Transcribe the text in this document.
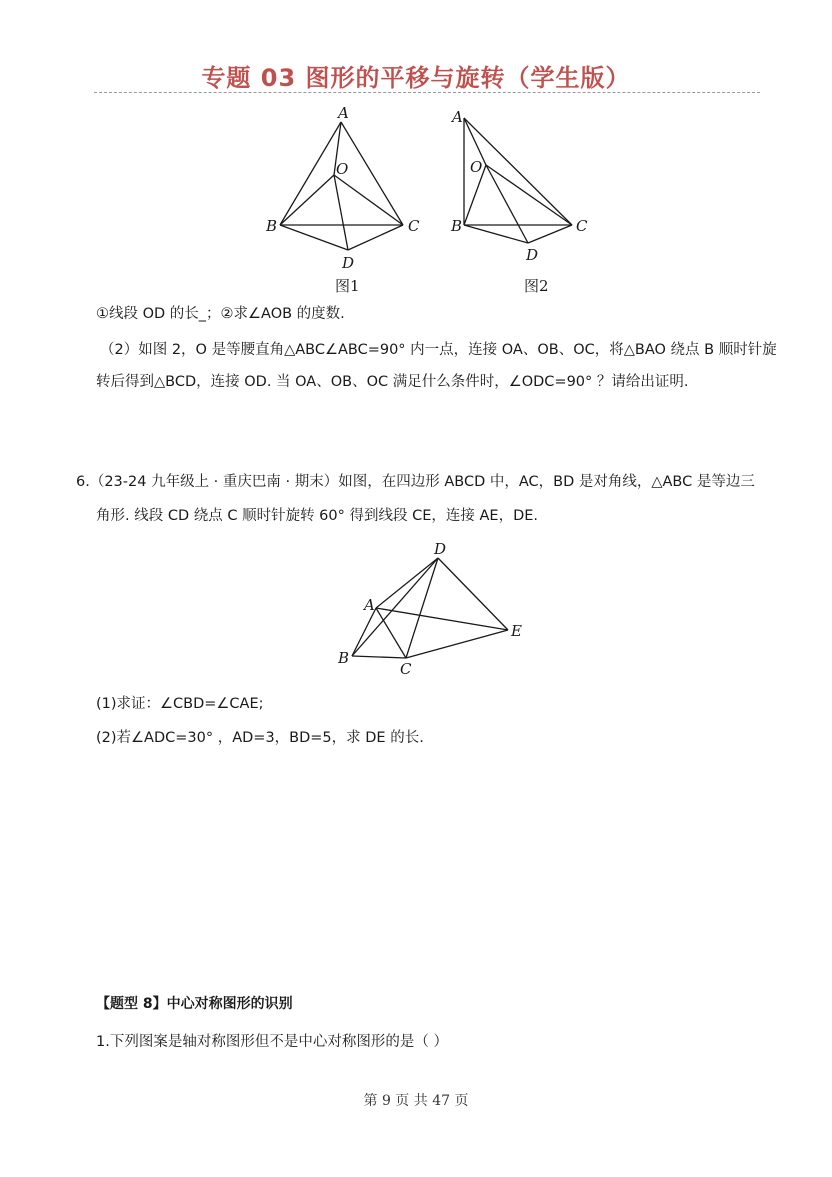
专题 03 图形的平移与旋转（学生版）
A
O
B	C
D
图1
A
O
B	C
D
图2
①线段 OD 的长_；②求∠AOB 的度数.
（2）如图 2，O 是等腰直角△ABC∠ABC=90° 内一点，连接 OA、OB、OC，将△BAO 绕点 B 顺时针旋
转后得到△BCD，连接 OD. 当 OA、OB、OC 满足什么条件时，∠ODC=90° ？请给出证明.
6.（23-24 九年级上 · 重庆巴南 · 期末）如图，在四边形 ABCD 中，AC，BD 是对角线，△ABC 是等边三
角形. 线段 CD 绕点 C 顺时针旋转 60° 得到线段 CE，连接 AE，DE.
D
A
E
B
C
(1)求证：∠CBD=∠CAE;
(2)若∠ADC=30° ，AD=3，BD=5，求 DE 的长.
【题型 8】中心对称图形的识别
1.下列图案是轴对称图形但不是中心对称图形的是（ ）
第 9 页 共 47 页
